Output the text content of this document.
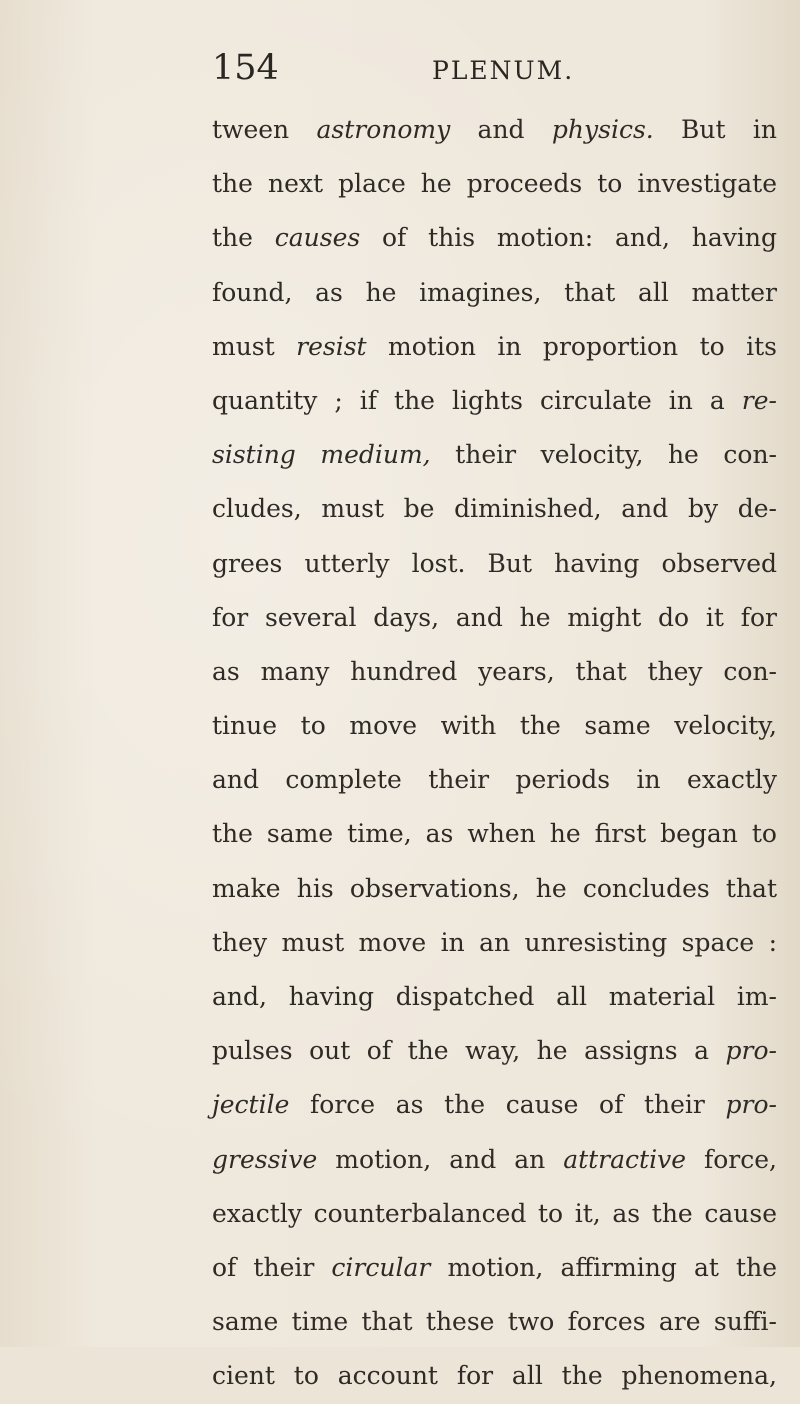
154	PLENUM.
tween astronomy and physics. But in
the next place he proceeds to investigate
the causes of this motion: and, having
found, as he imagines, that all matter
must resist motion in proportion to its
quantity ; if the lights circulate in a re-
sisting medium, their velocity, he con-
cludes, must be diminished, and by de-
grees utterly lost. But having observed
for several days, and he might do it for
as many hundred years, that they con-
tinue to move with the same velocity,
and complete their periods in exactly
the same time, as when he first began to
make his observations, he concludes that
they must move in an unresisting space :
and, having dispatched all material im-
pulses out of the way, he assigns a pro-
jectile force as the cause of their pro-
gressive motion, and an attractive force,
exactly counterbalanced to it, as the cause
of their circular motion, affirming at the
same time that these two forces are suffi-
cient to account for all the phenomena,
